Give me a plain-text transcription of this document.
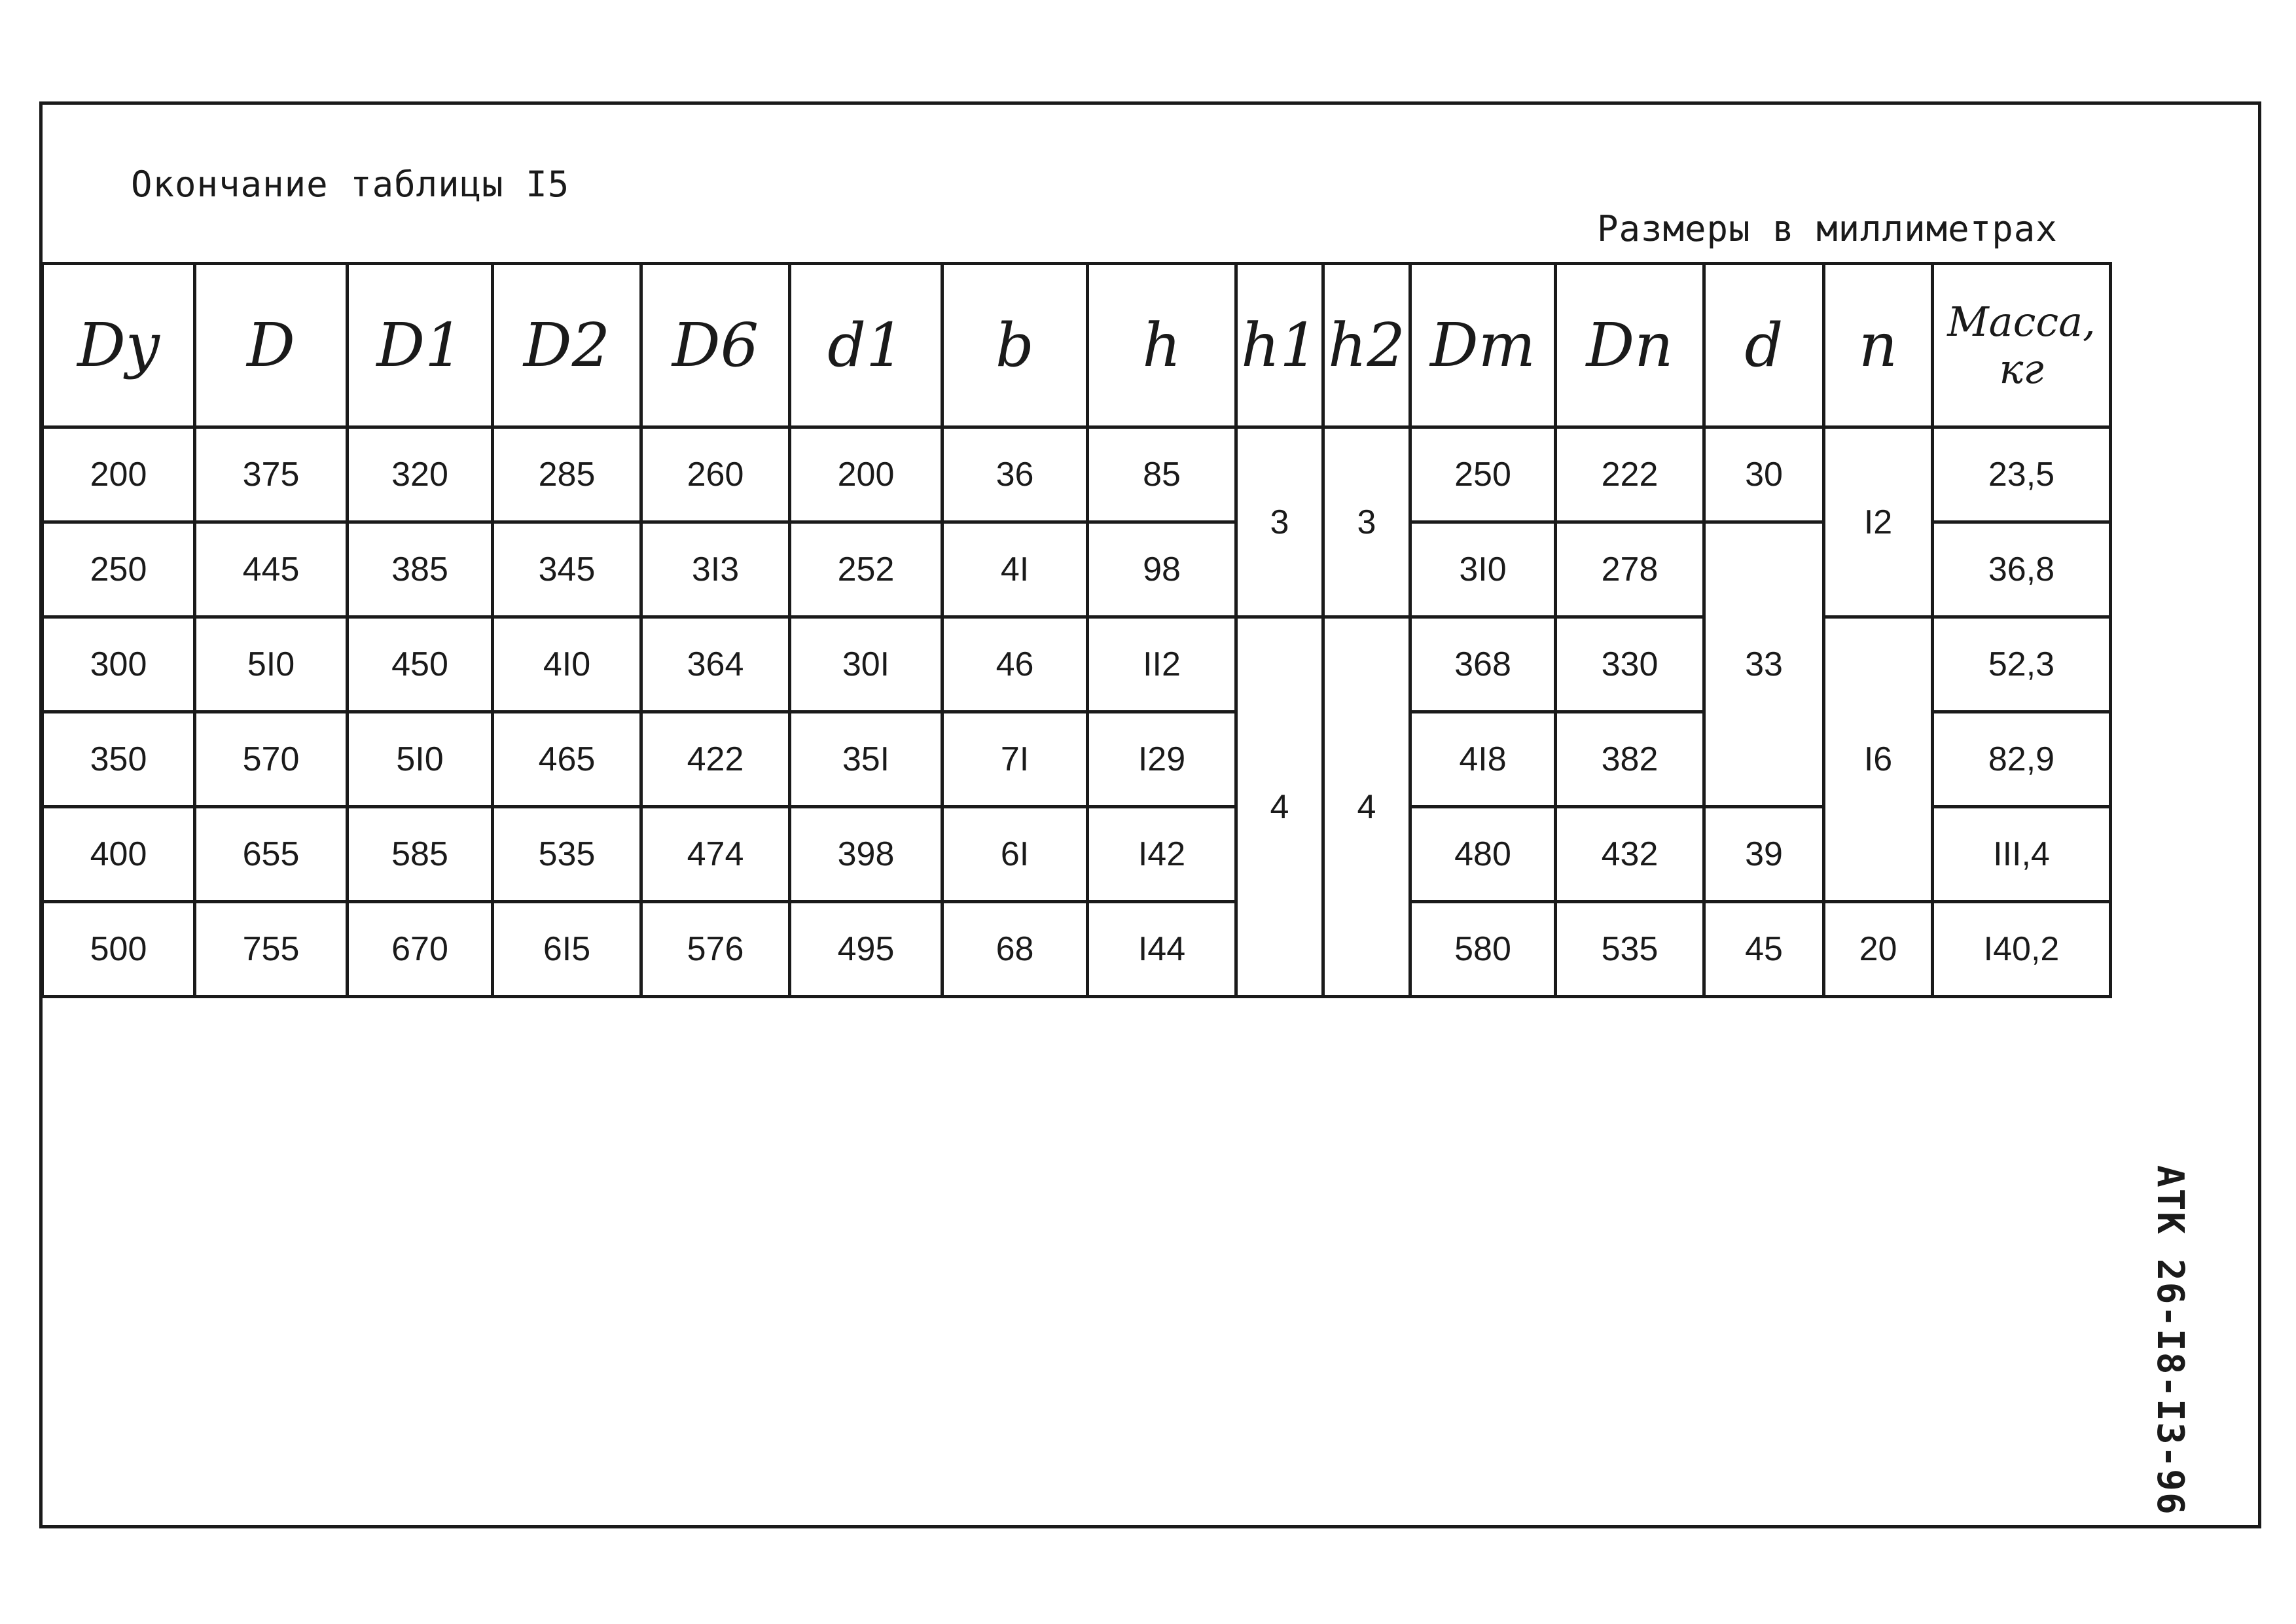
Окончание таблицы I5
Размеры в миллиметрах
АТК 26-I8-I3-96
Dy	D	D1	D2	D6	d1	b	h	h1	h2	Dm	Dn	d	n	Масса,
кг

200	375	320	285	260	200	36	85	3	3	250	222	30	I2	23,5
250	445	385	345	3I3	252	4I	98			3I0	278	33		36,8
300	5I0	450	4I0	364	30I	46	II2	4	4	368	330		I6	52,3
350	570	5I0	465	422	35I	7I	I29			4I8	382			82,9
400	655	585	535	474	398	6I	I42			480	432	39		III,4
500	755	670	6I5	576	495	68	I44			580	535	45	20	I40,2
